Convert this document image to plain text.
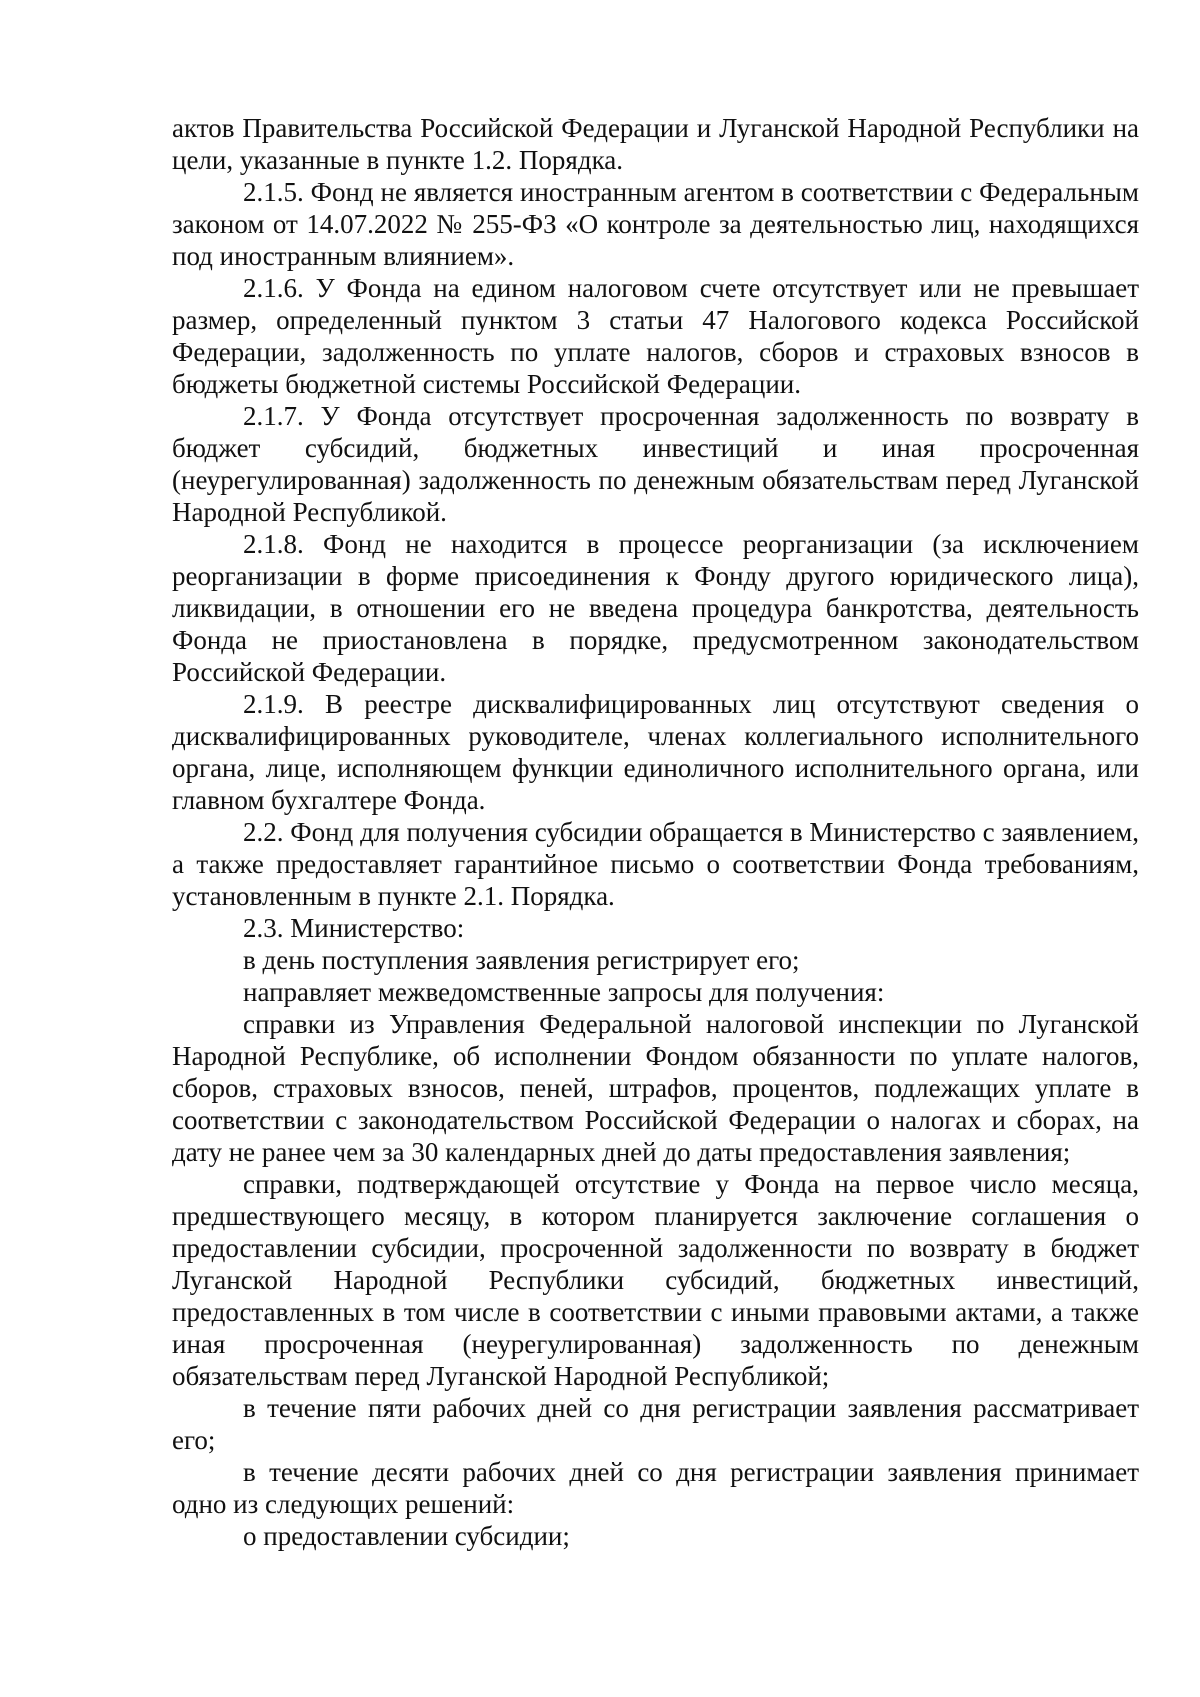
актов Правительства Российской Федерации и Луганской Народной Республики на цели, указанные в пункте 1.2. Порядка.

2.1.5. Фонд не является иностранным агентом в соответствии с Федеральным законом от 14.07.2022 № 255-ФЗ «О контроле за деятельностью лиц, находящихся под иностранным влиянием».

2.1.6. У Фонда на едином налоговом счете отсутствует или не превышает размер, определенный пунктом 3 статьи 47 Налогового кодекса Российской Федерации, задолженность по уплате налогов, сборов и страховых взносов в бюджеты бюджетной системы Российской Федерации.

2.1.7. У Фонда отсутствует просроченная задолженность по возврату в бюджет субсидий, бюджетных инвестиций и иная просроченная (неурегулированная) задолженность по денежным обязательствам перед Луганской Народной Республикой.

2.1.8. Фонд не находится в процессе реорганизации (за исключением реорганизации в форме присоединения к Фонду другого юридического лица), ликвидации, в отношении его не введена процедура банкротства, деятельность Фонда не приостановлена в порядке, предусмотренном законодательством Российской Федерации.

2.1.9. В реестре дисквалифицированных лиц отсутствуют сведения о дисквалифицированных руководителе, членах коллегиального исполнительного органа, лице, исполняющем функции единоличного исполнительного органа, или главном бухгалтере Фонда.

2.2. Фонд для получения субсидии обращается в Министерство с заявлением, а также предоставляет гарантийное письмо о соответствии Фонда требованиям, установленным в пункте 2.1. Порядка.

2.3. Министерство:

в день поступления заявления регистрирует его;

направляет межведомственные запросы для получения:

справки из Управления Федеральной налоговой инспекции по Луганской Народной Республике, об исполнении Фондом обязанности по уплате налогов, сборов, страховых взносов, пеней, штрафов, процентов, подлежащих уплате в соответствии с законодательством Российской Федерации о налогах и сборах, на дату не ранее чем за 30 календарных дней до даты предоставления заявления;

справки, подтверждающей отсутствие у Фонда на первое число месяца, предшествующего месяцу, в котором планируется заключение соглашения о предоставлении субсидии, просроченной задолженности по возврату в бюджет Луганской Народной Республики субсидий, бюджетных инвестиций, предоставленных в том числе в соответствии с иными правовыми актами, а также иная просроченная (неурегулированная) задолженность по денежным обязательствам перед Луганской Народной Республикой;

в течение пяти рабочих дней со дня регистрации заявления рассматривает его;

в течение десяти рабочих дней со дня регистрации заявления принимает одно из следующих решений:

о предоставлении субсидии;
